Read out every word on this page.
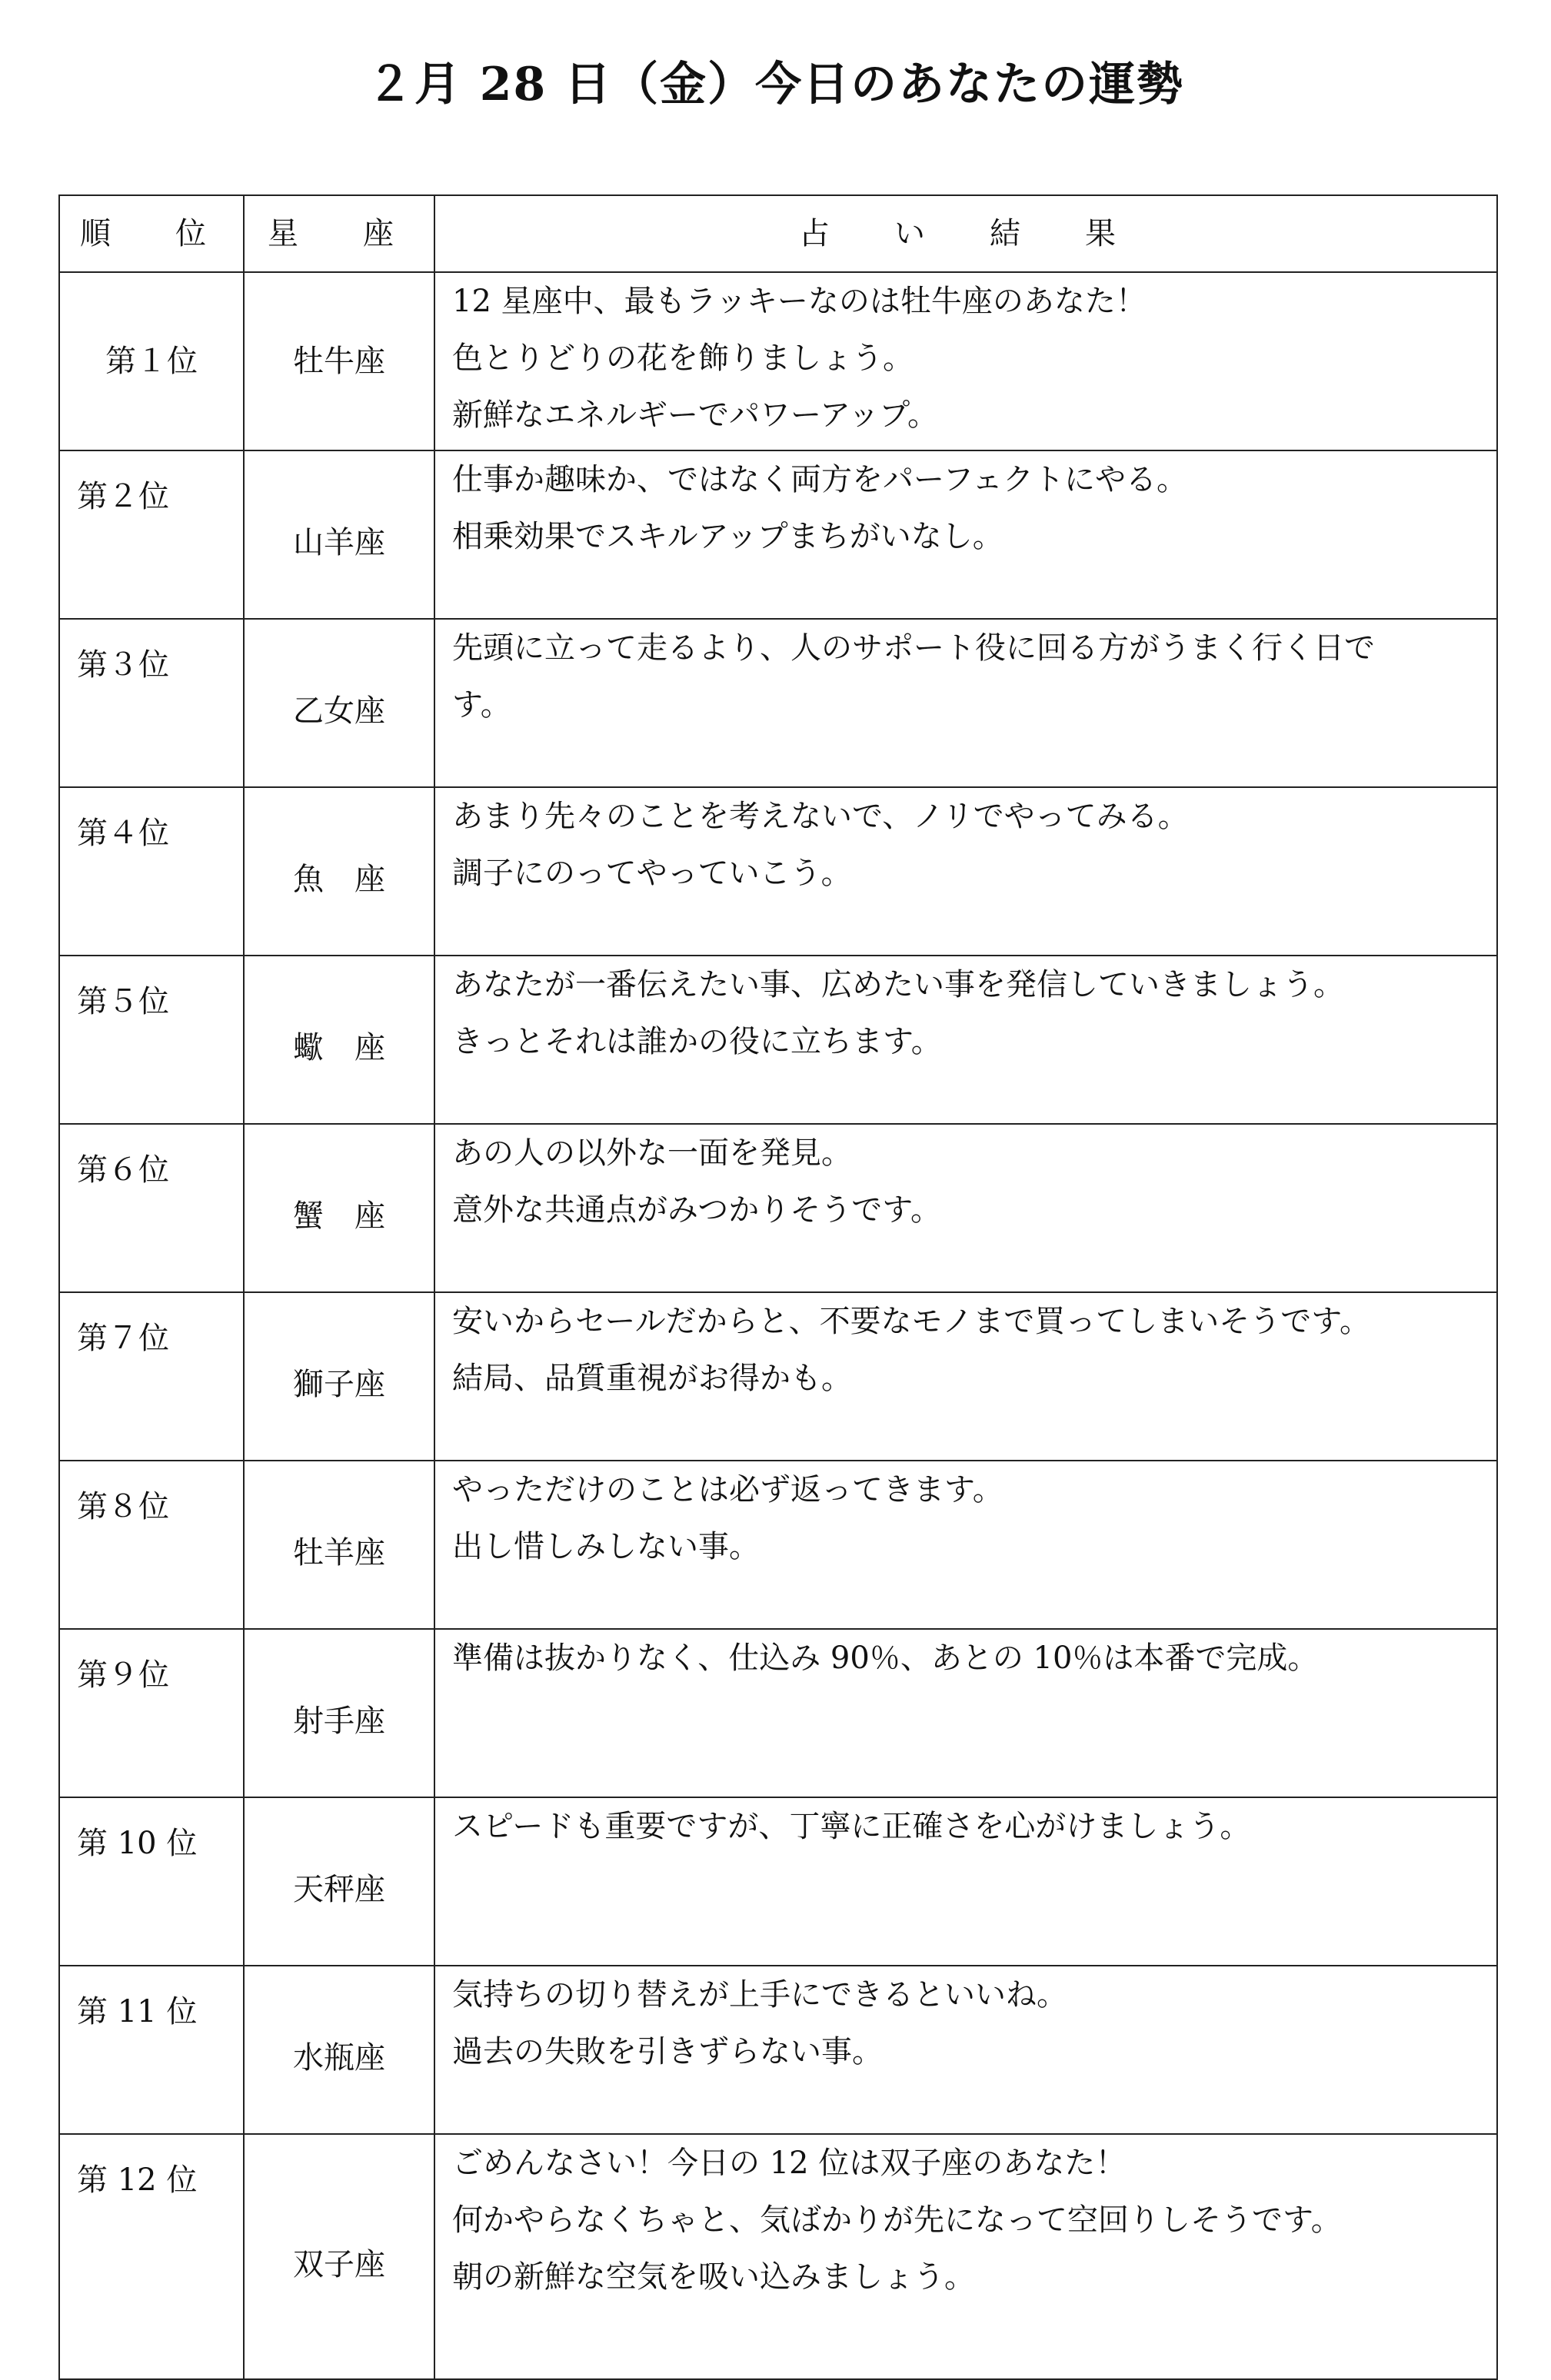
２月 28 日（金）今日のあなたの運勢
順　位	星　座	占　い　結　果
第１位	牡牛座	12 星座中、最もラッキーなのは牡牛座のあなた！
色とりどりの花を飾りましょう。
新鮮なエネルギーでパワーアップ。

第２位	山羊座	仕事か趣味か、ではなく両方をパーフェクトにやる。
相乗効果でスキルアップまちがいなし。

第３位	乙女座	先頭に立って走るより、人のサポート役に回る方がうまく行く日で
す。

第４位	魚　座	あまり先々のことを考えないで、ノリでやってみる。
調子にのってやっていこう。

第５位	蠍　座	あなたが一番伝えたい事、広めたい事を発信していきましょう。
きっとそれは誰かの役に立ちます。

第６位	蟹　座	あの人の以外な一面を発見。
意外な共通点がみつかりそうです。

第７位	獅子座	安いからセールだからと、不要なモノまで買ってしまいそうです。
結局、品質重視がお得かも。

第８位	牡羊座	やっただけのことは必ず返ってきます。
出し惜しみしない事。

第９位	射手座	準備は抜かりなく、仕込み 90％、あとの 10％は本番で完成。

第 10 位	天秤座	スピードも重要ですが、丁寧に正確さを心がけましょう。

第 11 位	水瓶座	気持ちの切り替えが上手にできるといいね。
過去の失敗を引きずらない事。

第 12 位	双子座	ごめんなさい！今日の 12 位は双子座のあなた！
何かやらなくちゃと、気ばかりが先になって空回りしそうです。
朝の新鮮な空気を吸い込みましょう。
